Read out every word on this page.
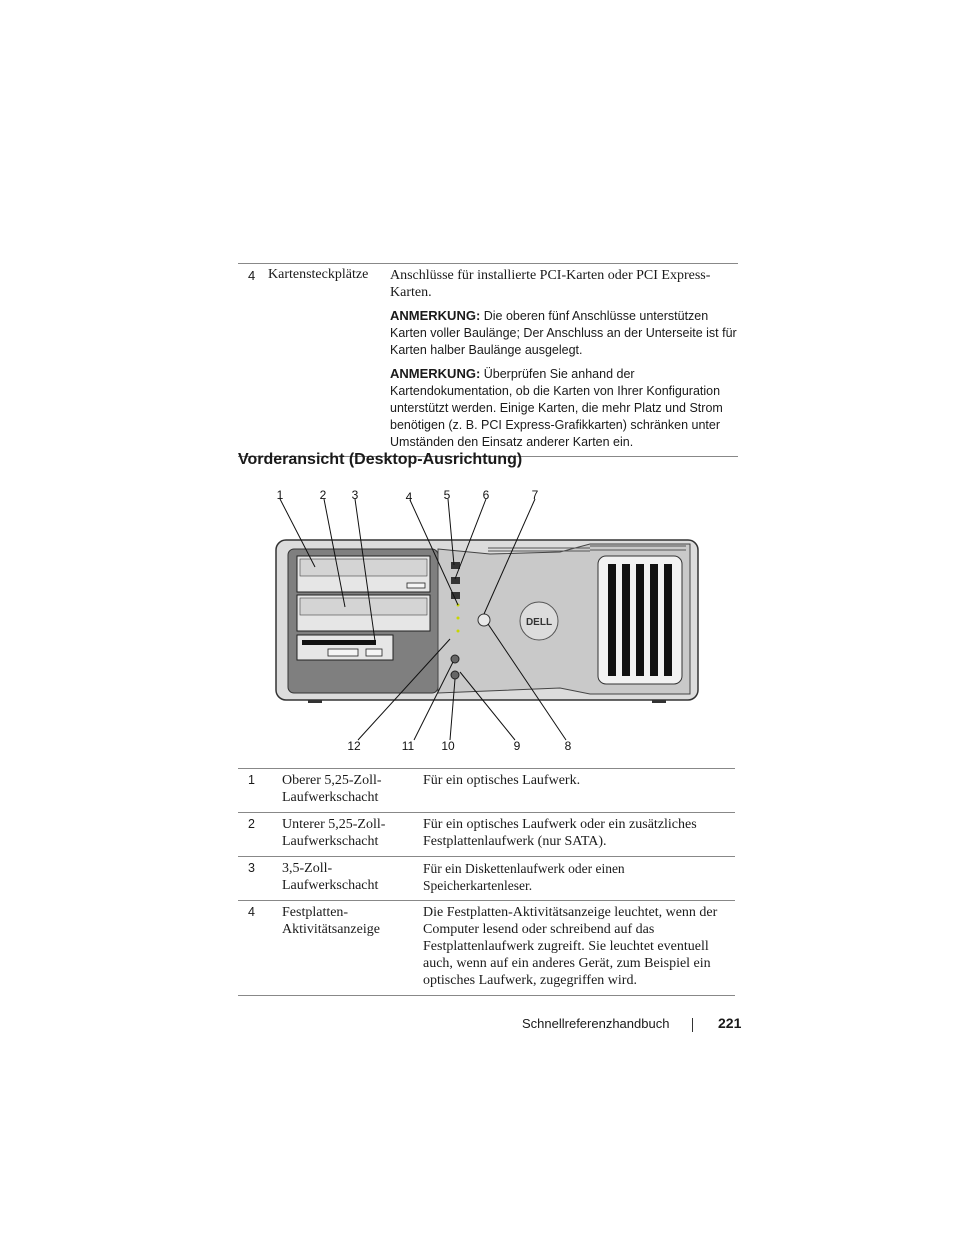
4 Kartensteckplätze Anschlüsse für installierte PCI-Karten oder PCI Express-Karten.
ANMERKUNG: Die oberen fünf Anschlüsse unterstützen Karten voller Baulänge; Der Anschluss an der Unterseite ist für Karten halber Baulänge ausgelegt.
ANMERKUNG: Überprüfen Sie anhand der Kartendokumentation, ob die Karten von Ihrer Konfiguration unterstützt werden. Einige Karten, die mehr Platz und Strom benötigen (z. B. PCI Express-Grafikkarten) schränken unter Umständen den Einsatz anderer Karten ein.
Vorderansicht (Desktop-Ausrichtung)
DELL
1	2 3	4	5	6	7
12	11 10	9	8
1	Oberer 5,25-Zoll-Laufwerkschacht	Für ein optisches Laufwerk.
2	Unterer 5,25-Zoll-Laufwerkschacht	Für ein optisches Laufwerk oder ein zusätzliches Festplattenlaufwerk (nur SATA).
3	3,5-Zoll-Laufwerkschacht	Für ein Diskettenlaufwerk oder einen Speicherkartenleser.
4	Festplatten-Aktivitätsanzeige	Die Festplatten-Aktivitätsanzeige leuchtet, wenn der Computer lesend oder schreibend auf das Festplattenlaufwerk zugreift. Sie leuchtet eventuell auch, wenn auf ein anderes Gerät, zum Beispiel ein optisches Laufwerk, zugegriffen wird.
Schnellreferenzhandbuch	221
